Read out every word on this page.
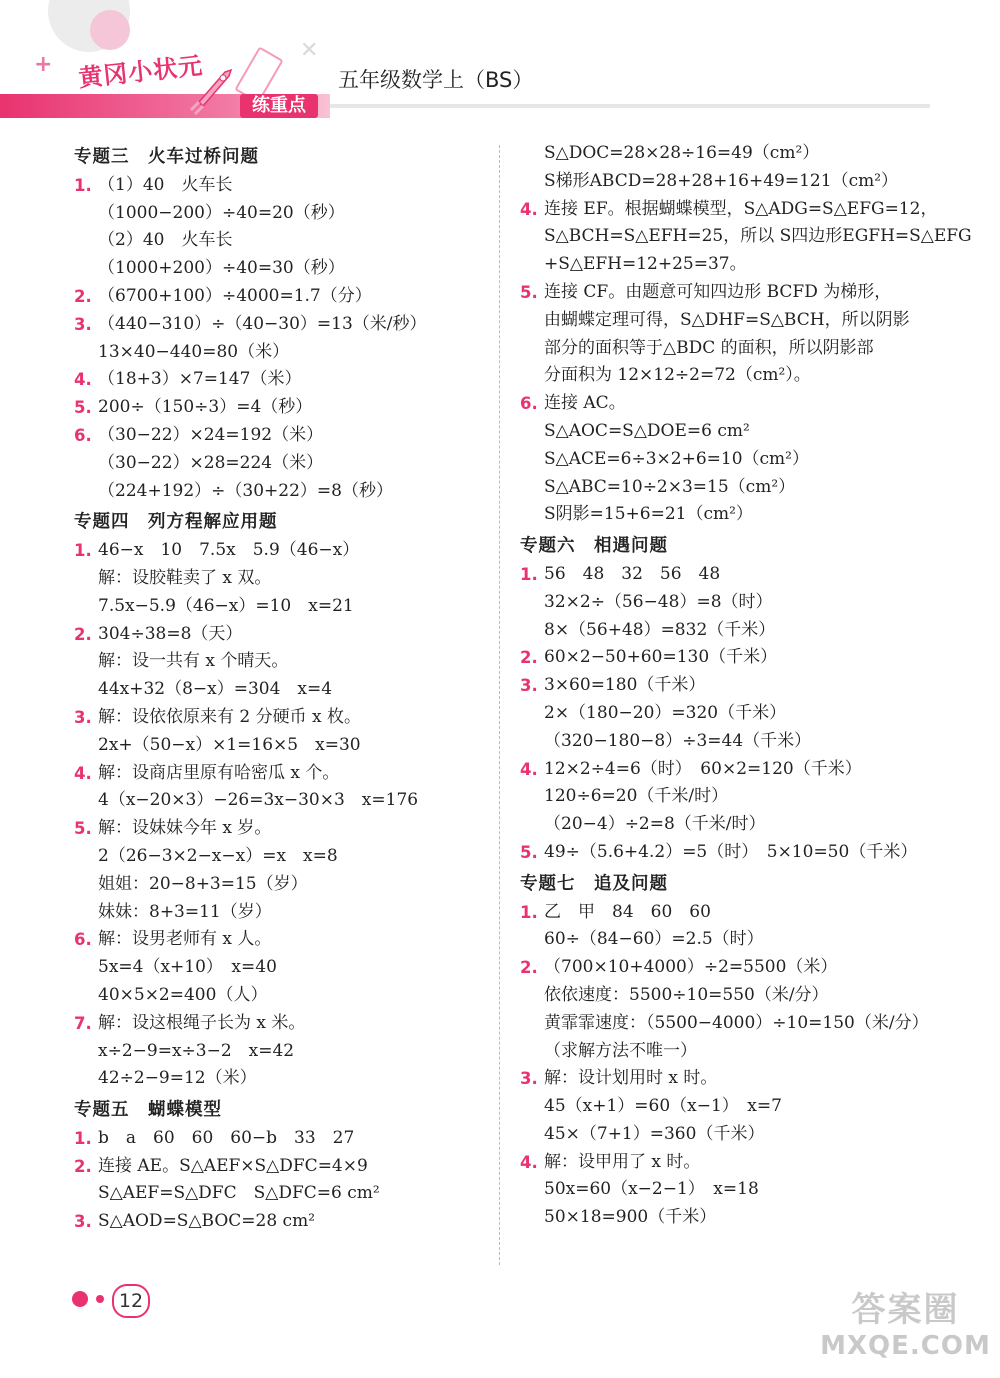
+
✕
黄冈小状元
练重点
五年级数学上（BS）
专题三　火车过桥问题
1. （1）40　火车长
（1000−200）÷40=20（秒）
（2）40　火车长
（1000+200）÷40=30（秒）
2. （6700+100）÷4000=1.7（分）
3. （440−310）÷（40−30）=13（米/秒）
13×40−440=80（米）
4. （18+3）×7=147（米）
5. 200÷（150÷3）=4（秒）
6. （30−22）×24=192（米）
（30−22）×28=224（米）
（224+192）÷（30+22）=8（秒）
专题四　列方程解应用题
1. 46−x　10　7.5x　5.9（46−x）
解：设胶鞋卖了 x 双。
7.5x−5.9（46−x）=10　x=21
2. 304÷38=8（天）
解：设一共有 x 个晴天。
44x+32（8−x）=304　x=4
3. 解：设依依原来有 2 分硬币 x 枚。
2x+（50−x）×1=16×5　x=30
4. 解：设商店里原有哈密瓜 x 个。
4（x−20×3）−26=3x−30×3　x=176
5. 解：设妹妹今年 x 岁。
2（26−3×2−x−x）=x　x=8
姐姐：20−8+3=15（岁）
妹妹：8+3=11（岁）
6. 解：设男老师有 x 人。
5x=4（x+10）　x=40
40×5×2=400（人）
7. 解：设这根绳子长为 x 米。
x÷2−9=x÷3−2　x=42
42÷2−9=12（米）
专题五　蝴蝶模型
1. b　a　60　60　60−b　33　27
2. 连接 AE。S△AEF×S△DFC=4×9
S△AEF=S△DFC　S△DFC=6 cm²
3. S△AOD=S△BOC=28 cm²
S△DOC=28×28÷16=49（cm²）
S梯形ABCD=28+28+16+49=121（cm²）
4. 连接 EF。根据蝴蝶模型，S△ADG=S△EFG=12，
S△BCH=S△EFH=25，所以 S四边形EGFH=S△EFG
+S△EFH=12+25=37。
5. 连接 CF。由题意可知四边形 BCFD 为梯形，
由蝴蝶定理可得，S△DHF=S△BCH，所以阴影
部分的面积等于△BDC 的面积，所以阴影部
分面积为 12×12÷2=72（cm²）。
6. 连接 AC。
S△AOC=S△DOE=6 cm²
S△ACE=6÷3×2+6=10（cm²）
S△ABC=10÷2×3=15（cm²）
S阴影=15+6=21（cm²）
专题六　相遇问题
1. 56　48　32　56　48
32×2÷（56−48）=8（时）
8×（56+48）=832（千米）
2. 60×2−50+60=130（千米）
3. 3×60=180（千米）
2×（180−20）=320（千米）
（320−180−8）÷3=44（千米）
4. 12×2÷4=6（时）　60×2=120（千米）
120÷6=20（千米/时）
（20−4）÷2=8（千米/时）
5. 49÷（5.6+4.2）=5（时）　5×10=50（千米）
专题七　追及问题
1. 乙　甲　84　60　60
60÷（84−60）=2.5（时）
2. （700×10+4000）÷2=5500（米）
依依速度：5500÷10=550（米/分）
黄霏霏速度：（5500−4000）÷10=150（米/分）
（求解方法不唯一）
3. 解：设计划用时 x 时。
45（x+1）=60（x−1）　x=7
45×（7+1）=360（千米）
4. 解：设甲用了 x 时。
50x=60（x−2−1）　x=18
50×18=900（千米）
12	答案圈
MXQE.COM
